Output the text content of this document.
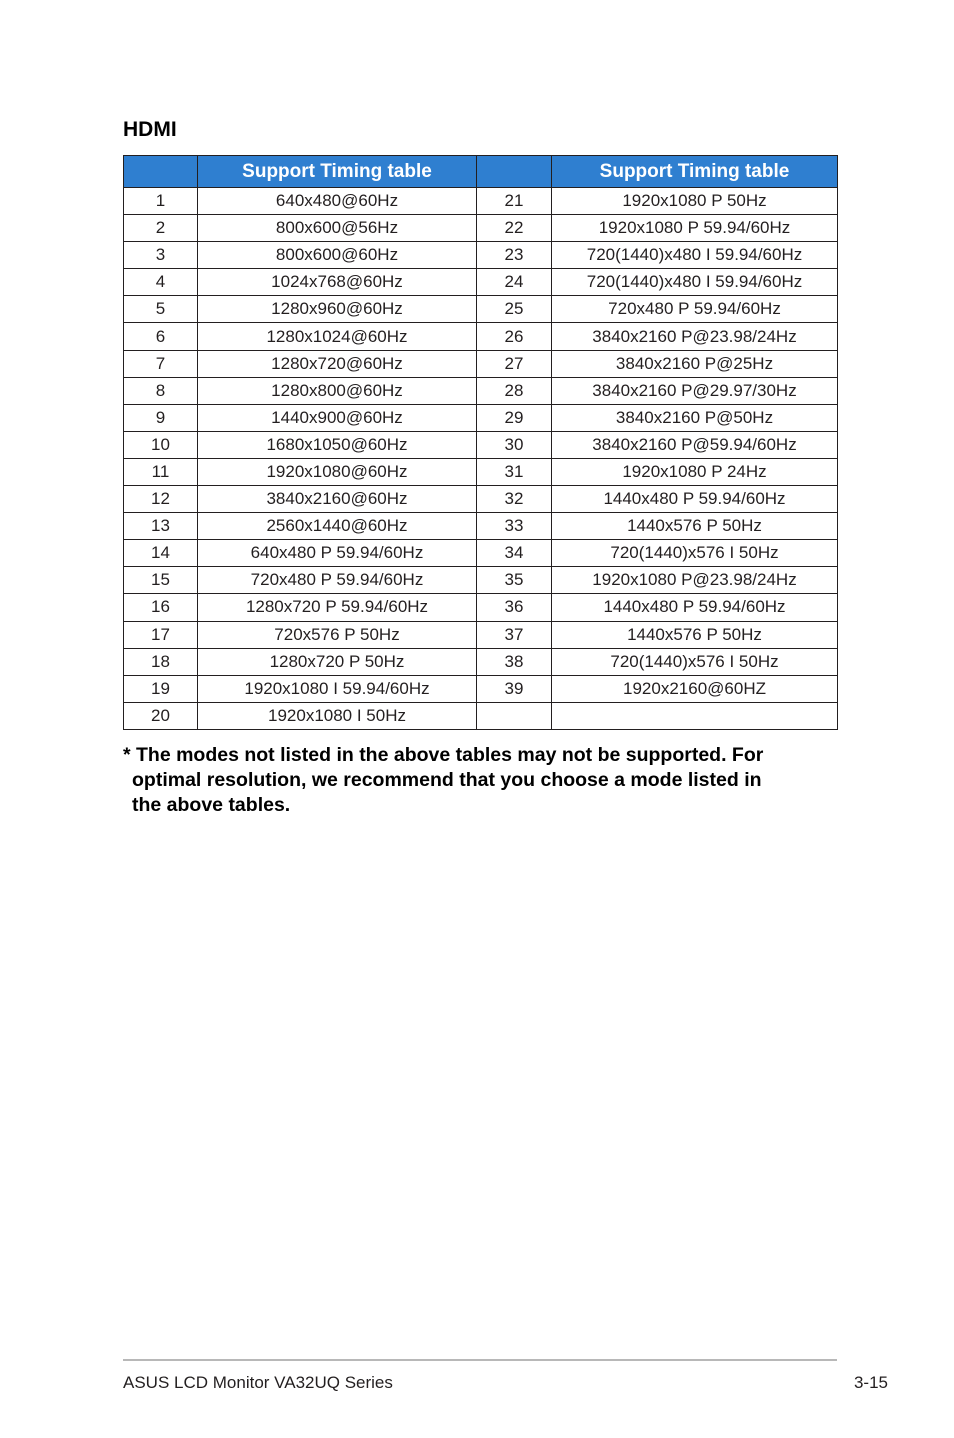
HDMI
	Support Timing table		Support Timing table
1	640x480@60Hz	21	1920x1080 P 50Hz
2	800x600@56Hz	22	1920x1080 P 59.94/60Hz
3	800x600@60Hz	23	720(1440)x480 I 59.94/60Hz
4	1024x768@60Hz	24	720(1440)x480 I 59.94/60Hz
5	1280x960@60Hz	25	720x480 P 59.94/60Hz
6	1280x1024@60Hz	26	3840x2160 P@23.98/24Hz
7	1280x720@60Hz	27	3840x2160 P@25Hz
8	1280x800@60Hz	28	3840x2160 P@29.97/30Hz
9	1440x900@60Hz	29	3840x2160 P@50Hz
10	1680x1050@60Hz	30	3840x2160 P@59.94/60Hz
11	1920x1080@60Hz	31	1920x1080 P 24Hz
12	3840x2160@60Hz	32	1440x480 P 59.94/60Hz
13	2560x1440@60Hz	33	1440x576 P 50Hz
14	640x480 P 59.94/60Hz	34	720(1440)x576 I 50Hz
15	720x480 P 59.94/60Hz	35	1920x1080 P@23.98/24Hz
16	1280x720 P 59.94/60Hz	36	1440x480 P 59.94/60Hz
17	720x576 P 50Hz	37	1440x576 P 50Hz
18	1280x720 P 50Hz	38	720(1440)x576 I 50Hz
19	1920x1080 I 59.94/60Hz	39	1920x2160@60HZ
20	1920x1080 I 50Hz		
* The modes not listed in the above tables may not be supported. For
optimal resolution, we recommend that you choose a mode listed in
the above tables.
ASUS LCD Monitor VA32UQ Series	3-15
